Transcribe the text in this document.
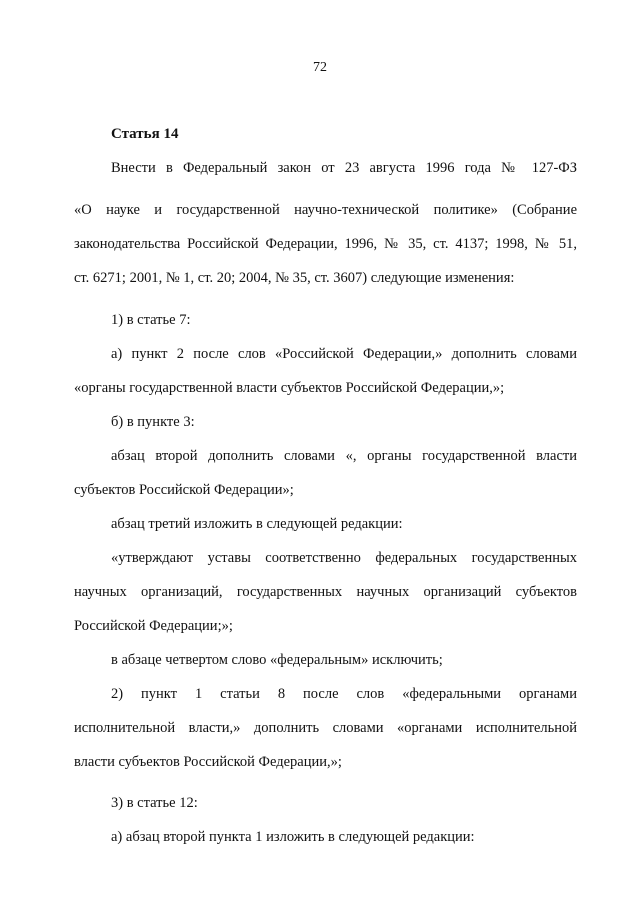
72
Статья 14
Внести в Федеральный закон от 23 августа 1996 года № 127-ФЗ
«О науке и государственной научно-технической политике» (Собрание
законодательства Российской Федерации, 1996, № 35, ст. 4137; 1998, № 51,
ст. 6271; 2001, № 1, ст. 20; 2004, № 35, ст. 3607) следующие изменения:
1) в статье 7:
а) пункт 2 после слов «Российской Федерации,» дополнить словами
«органы государственной власти субъектов Российской Федерации,»;
б) в пункте 3:
абзац второй дополнить словами «, органы государственной власти
субъектов Российской Федерации»;
абзац третий изложить в следующей редакции:
«утверждают уставы соответственно федеральных государственных
научных организаций, государственных научных организаций субъектов
Российской Федерации;»;
в абзаце четвертом слово «федеральным» исключить;
2) пункт 1 статьи 8 после слов «федеральными органами
исполнительной власти,» дополнить словами «органами исполнительной
власти субъектов Российской Федерации,»;
3) в статье 12:
а) абзац второй пункта 1 изложить в следующей редакции:
